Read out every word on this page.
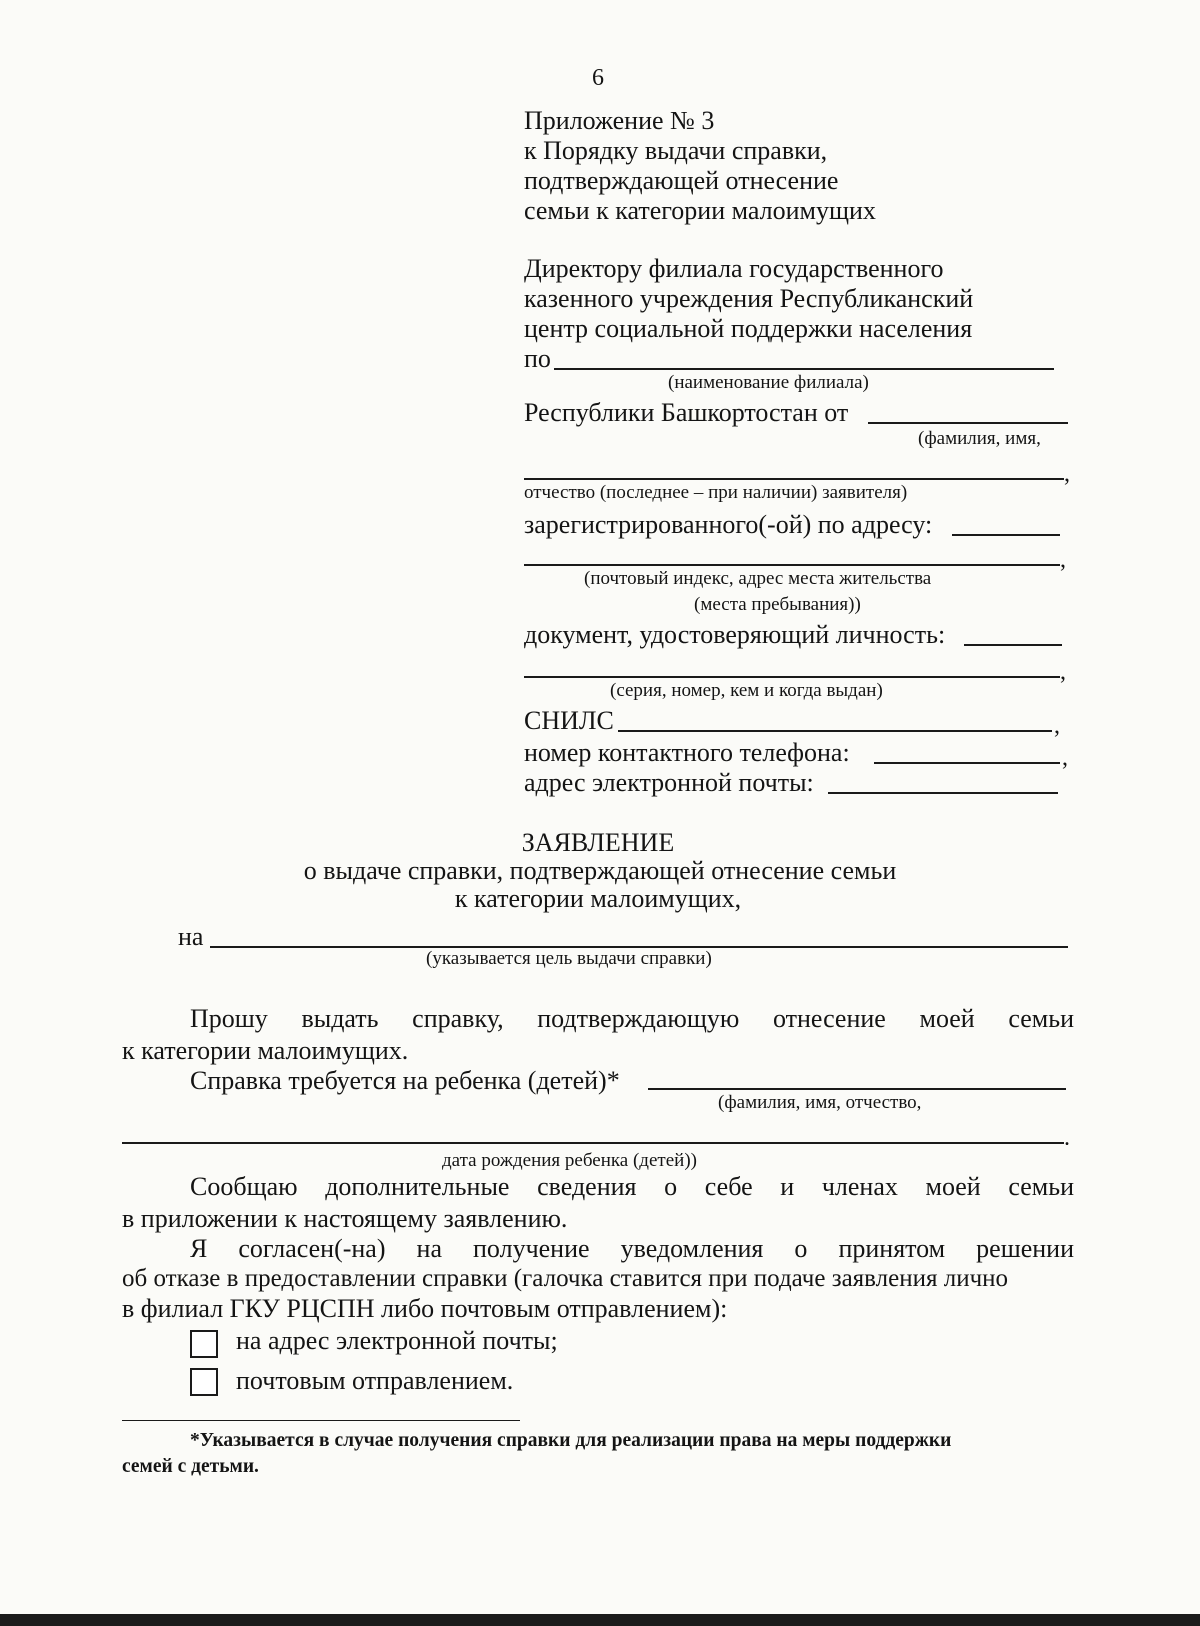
6
Приложение № 3
к Порядку выдачи справки,
подтверждающей отнесение
семьи к категории малоимущих
Директору филиала государственного
казенного учреждения Республиканский
центр социальной поддержки населения
по
(наименование филиала)
Республики Башкортостан от
(фамилия, имя,
,
отчество (последнее – при наличии) заявителя)
зарегистрированного(-ой) по адресу:
,
(почтовый индекс, адрес места жительства
(места пребывания))
документ, удостоверяющий личность:
,
(серия, номер, кем и когда выдан)
СНИЛС	,
номер контактного телефона:	,
адрес электронной почты:
ЗАЯВЛЕНИЕ
о выдаче справки, подтверждающей отнесение семьи
к категории малоимущих,
на
(указывается цель выдачи справки)
Прошу выдать справку, подтверждающую отнесение моей семьи
к категории малоимущих.
Справка требуется на ребенка (детей)*
(фамилия, имя, отчество,
.
дата рождения ребенка (детей))
Сообщаю дополнительные сведения о себе и членах моей семьи
в приложении к настоящему заявлению.
Я согласен(-на) на получение уведомления о принятом решении
об отказе в предоставлении справки (галочка ставится при подаче заявления лично
в филиал ГКУ РЦСПН либо почтовым отправлением):
на адрес электронной почты;
почтовым отправлением.
*Указывается в случае получения справки для реализации права на меры поддержки
семей с детьми.
